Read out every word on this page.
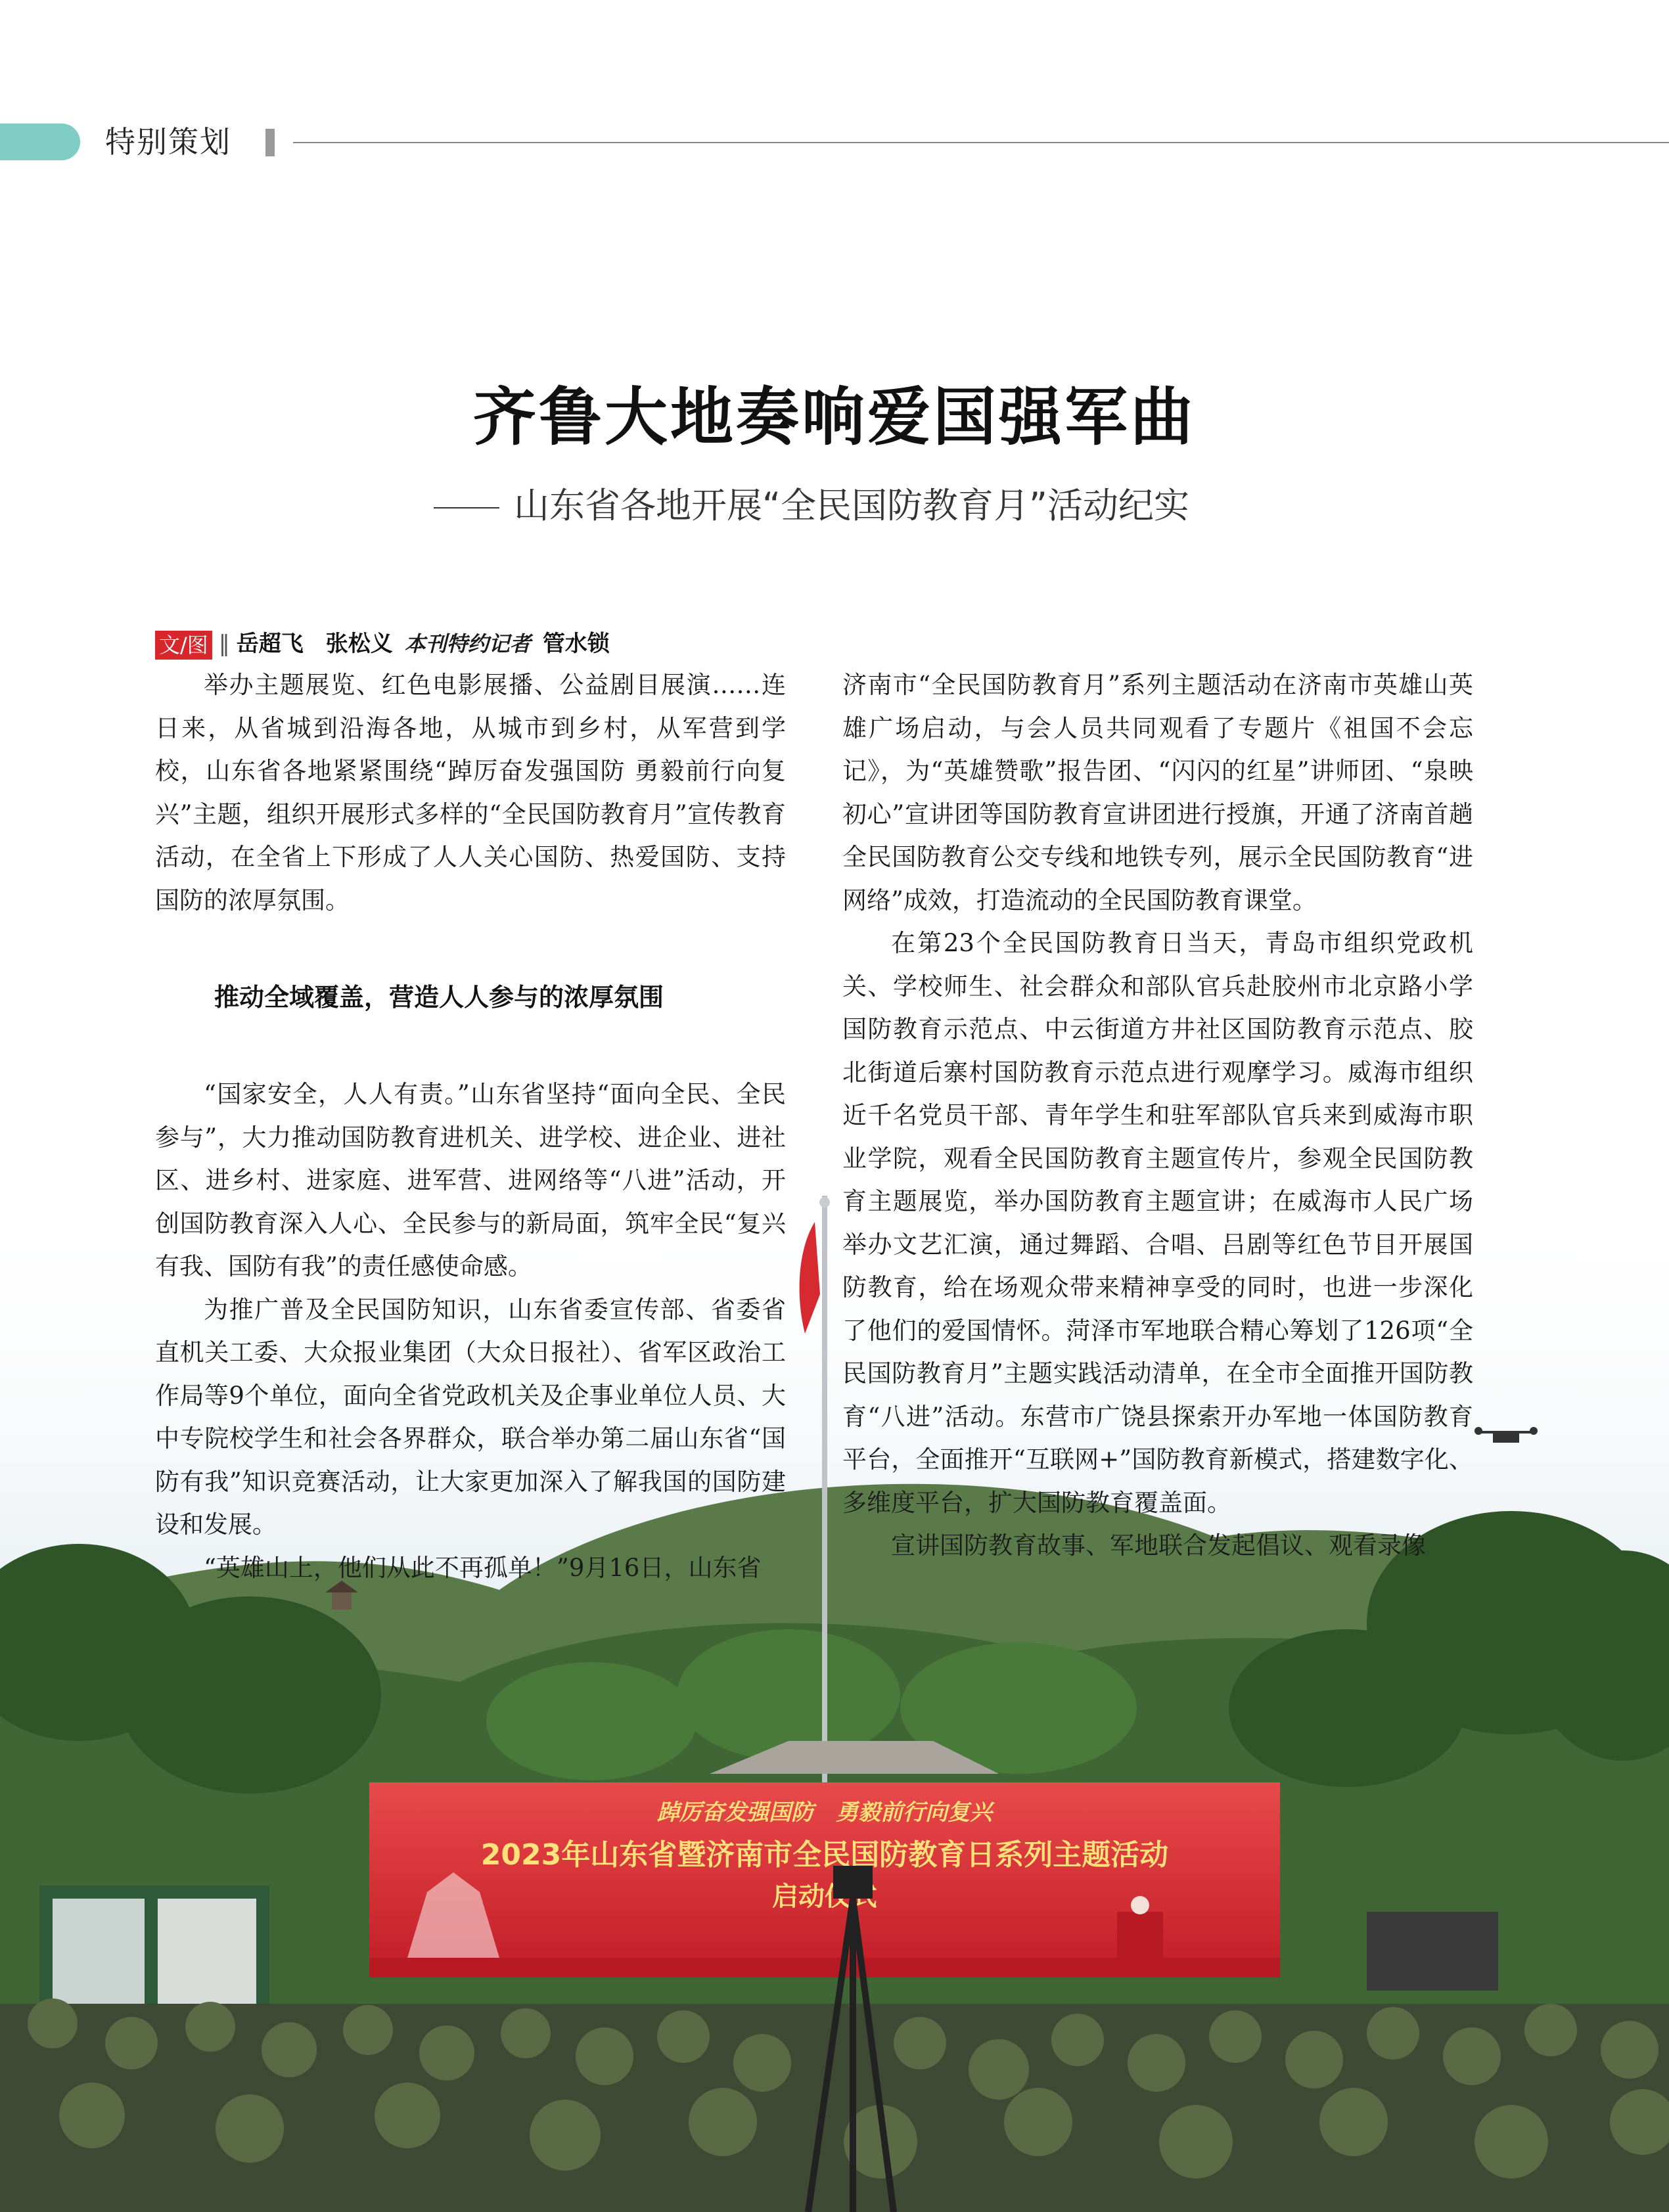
特别策划
齐鲁大地奏响爱国强军曲
山东省各地开展“全民国防教育月”活动纪实
文/图 ‖ 岳超飞　张松义 本刊特约记者 管水锁

举办主题展览、红色电影展播、公益剧目展演……连日来，从省城到沿海各地，从城市到乡村，从军营到学校，山东省各地紧紧围绕“踔厉奋发强国防 勇毅前行向复兴”主题，组织开展形式多样的“全民国防教育月”宣传教育活动，在全省上下形成了人人关心国防、热爱国防、支持国防的浓厚氛围。

推动全域覆盖，营造人人参与的浓厚氛围

“国家安全，人人有责。”山东省坚持“面向全民、全民参与”，大力推动国防教育进机关、进学校、进企业、进社区、进乡村、进家庭、进军营、进网络等“八进”活动，开创国防教育深入人心、全民参与的新局面，筑牢全民“复兴有我、国防有我”的责任感使命感。

为推广普及全民国防知识，山东省委宣传部、省委省直机关工委、大众报业集团（大众日报社）、省军区政治工作局等9个单位，面向全省党政机关及企事业单位人员、大中专院校学生和社会各界群众，联合举办第二届山东省“国防有我”知识竞赛活动，让大家更加深入了解我国的国防建设和发展。

“英雄山上，他们从此不再孤单！”9月16日，山东省

济南市“全民国防教育月”系列主题活动在济南市英雄山英雄广场启动，与会人员共同观看了专题片《祖国不会忘记》，为“英雄赞歌”报告团、“闪闪的红星”讲师团、“泉映初心”宣讲团等国防教育宣讲团进行授旗，开通了济南首趟全民国防教育公交专线和地铁专列，展示全民国防教育“进网络”成效，打造流动的全民国防教育课堂。

在第23个全民国防教育日当天，青岛市组织党政机关、学校师生、社会群众和部队官兵赴胶州市北京路小学国防教育示范点、中云街道方井社区国防教育示范点、胶北街道后寨村国防教育示范点进行观摩学习。威海市组织近千名党员干部、青年学生和驻军部队官兵来到威海市职业学院，观看全民国防教育主题宣传片，参观全民国防教育主题展览，举办国防教育主题宣讲；在威海市人民广场举办文艺汇演，通过舞蹈、合唱、吕剧等红色节目开展国防教育，给在场观众带来精神享受的同时，也进一步深化了他们的爱国情怀。菏泽市军地联合精心筹划了126项“全民国防教育月”主题实践活动清单，在全市全面推开国防教育“八进”活动。东营市广饶县探索开办军地一体国防教育平台，全面推开“互联网+”国防教育新模式，搭建数字化、多维度平台，扩大国防教育覆盖面。

宣讲国防教育故事、军地联合发起倡议、观看录像

踔厉奋发强国防　勇毅前行向复兴
2023年山东省暨济南市全民国防教育日系列主题活动
启动仪式
